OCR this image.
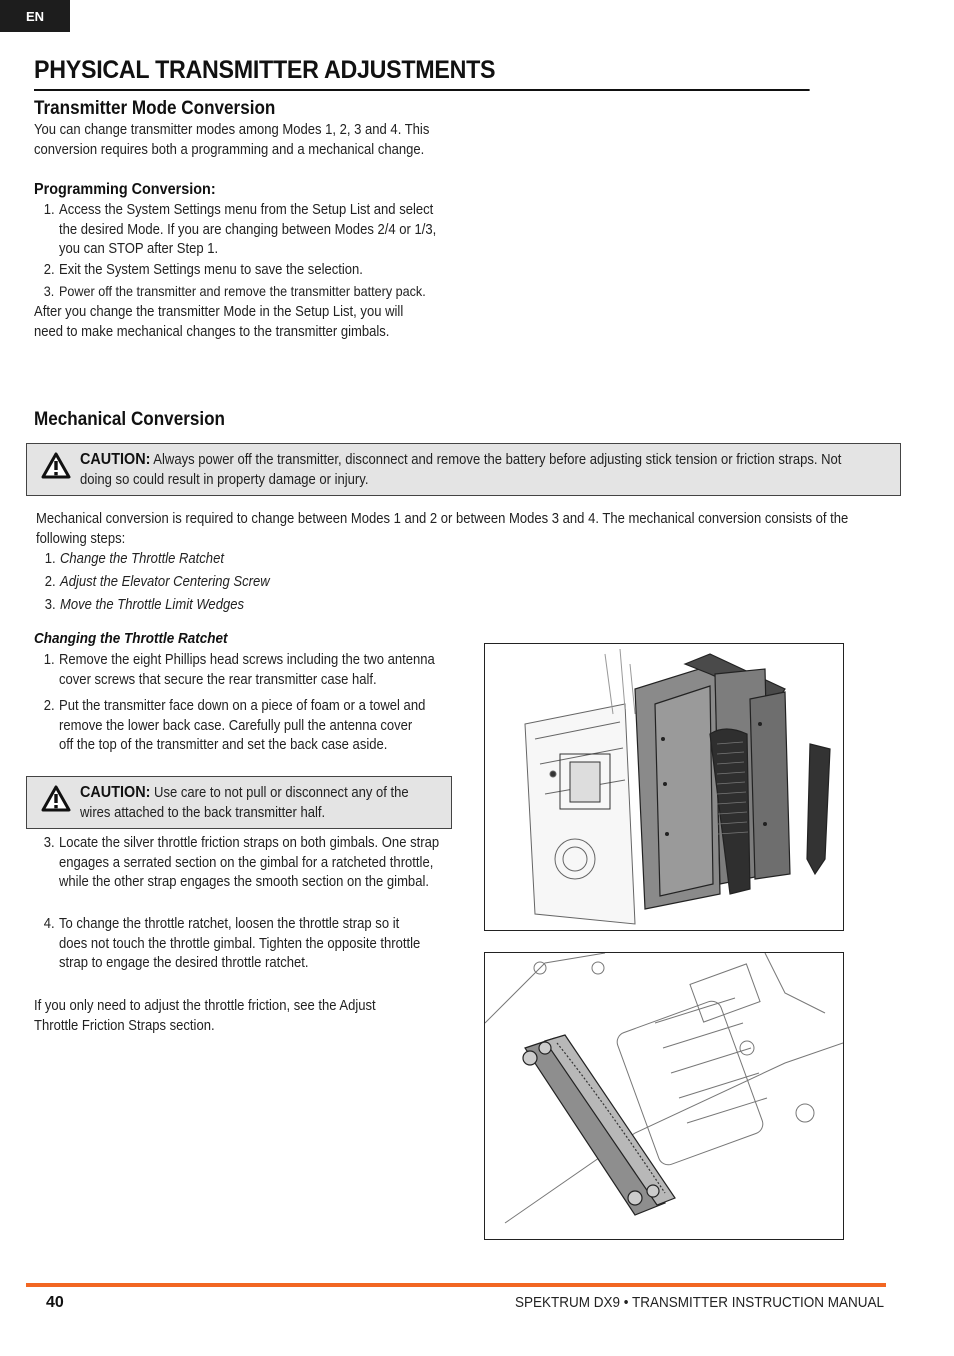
EN
PHYSICAL TRANSMITTER ADJUSTMENTS
Transmitter Mode Conversion

You can change transmitter modes among Modes 1, 2, 3 and 4. This conversion requires both a programming and a mechanical change.

Programming Conversion:
1. Access the System Settings menu from the Setup List and select the desired Mode. If you are changing between Modes 2/4 or 1/3, you can STOP after Step 1.
2. Exit the System Settings menu to save the selection.
3. Power off the transmitter and remove the transmitter battery pack.

After you change the transmitter Mode in the Setup List, you will need to make mechanical changes to the transmitter gimbals.

Mechanical Conversion
CAUTION: Always power off the transmitter, disconnect and remove the battery before adjusting stick tension or friction straps. Not doing so could result in property damage or injury.

Mechanical conversion is required to change between Modes 1 and 2 or between Modes 3 and 4. The mechanical conversion consists of the following steps:

1. Change the Throttle Ratchet
2. Adjust the Elevator Centering Screw
3. Move the Throttle Limit Wedges
Changing the Throttle Ratchet
1. Remove the eight Phillips head screws including the two antenna cover screws that secure the rear transmitter case half.
2. Put the transmitter face down on a piece of foam or a towel and remove the lower back case. Carefully pull the antenna cover off the top of the transmitter and set the back case aside.
CAUTION: Use care to not pull or disconnect any of the wires attached to the back transmitter half.
3. Locate the silver throttle friction straps on both gimbals. One strap engages a serrated section on the gimbal for a ratcheted throttle, while the other strap engages the smooth section on the gimbal.
4. To change the throttle ratchet, loosen the throttle strap so it does not touch the throttle gimbal. Tighten the opposite throttle strap to engage the desired throttle ratchet.

If you only need to adjust the throttle friction, see the Adjust Throttle Friction Straps section.

40	SPEKTRUM DX9 • TRANSMITTER INSTRUCTION MANUAL
